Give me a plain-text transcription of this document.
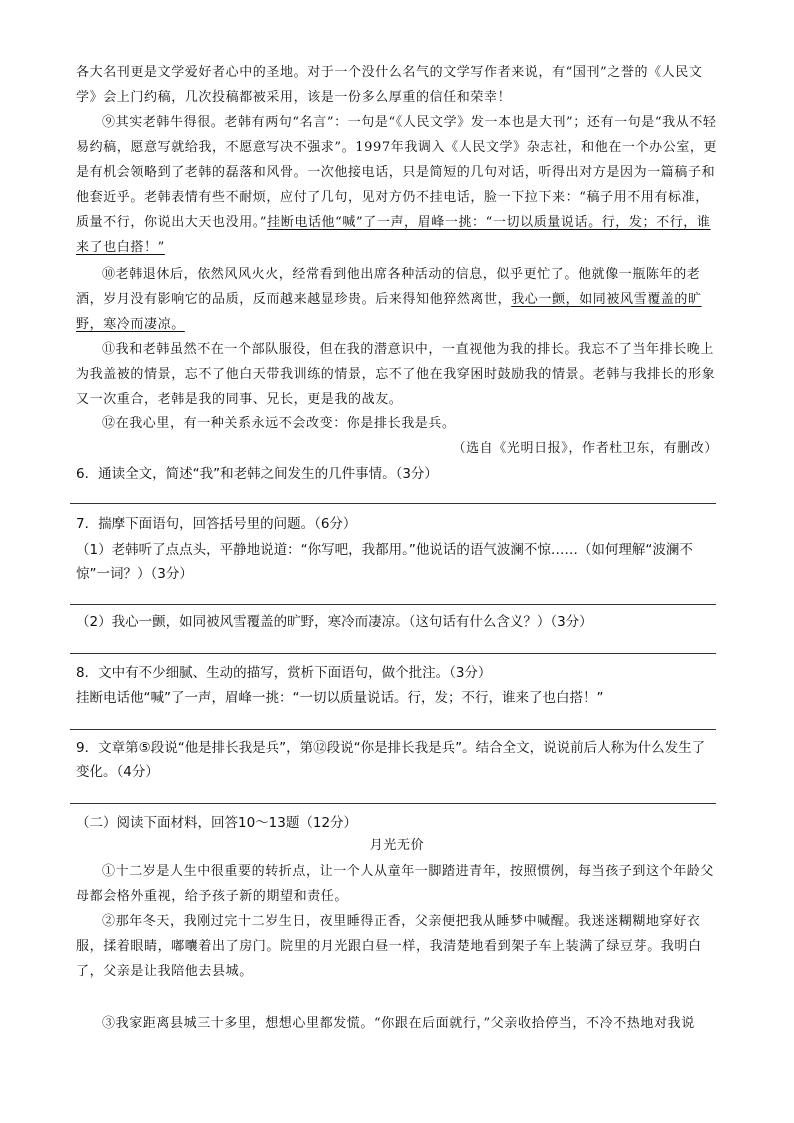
各大名刊更是文学爱好者心中的圣地。对于一个没什么名气的文学写作者来说，有“国刊”之誉的《人民文学》会上门约稿，几次投稿都被采用，该是一份多么厚重的信任和荣幸！

⑨其实老韩牛得很。老韩有两句“名言”：一句是“《人民文学》发一本也是大刊”；还有一句是“我从不轻易约稿，愿意写就给我，不愿意写决不强求”。1997年我调入《人民文学》杂志社，和他在一个办公室，更是有机会领略到了老韩的磊落和风骨。一次他接电话，只是简短的几句对话，听得出对方是因为一篇稿子和他套近乎。老韩表情有些不耐烦，应付了几句，见对方仍不挂电话，脸一下拉下来：“稿子用不用有标准，质量不行，你说出大天也没用。”挂断电话他“喊”了一声，眉峰一挑：“一切以质量说话。行，发；不行，谁来了也白搭！”

⑩老韩退休后，依然风风火火，经常看到他出席各种活动的信息，似乎更忙了。他就像一瓶陈年的老酒，岁月没有影响它的品质，反而越来越显珍贵。后来得知他猝然离世，我心一颤，如同被风雪覆盖的旷野，寒冷而凄凉。

⑪我和老韩虽然不在一个部队服役，但在我的潜意识中，一直视他为我的排长。我忘不了当年排长晚上为我盖被的情景，忘不了他白天带我训练的情景，忘不了他在我穿困时鼓励我的情景。老韩与我排长的形象又一次重合，老韩是我的同事、兄长，更是我的战友。

⑫在我心里，有一种关系永远不会改变：你是排长我是兵。

（选自《光明日报》，作者杜卫东，有删改）

6．通读全文，简述“我”和老韩之间发生的几件事情。（3分）

7．揣摩下面语句，回答括号里的问题。（6分）

（1）老韩听了点点头，平静地说道：“你写吧，我都用。”他说话的语气波澜不惊……（如何理解“波澜不惊”一词？）（3分）

（2）我心一颤，如同被风雪覆盖的旷野，寒冷而凄凉。（这句话有什么含义？）（3分）

8．文中有不少细腻、生动的描写，赏析下面语句，做个批注。（3分）

挂断电话他“喊”了一声，眉峰一挑：“一切以质量说话。行，发；不行，谁来了也白搭！”

9．文章第⑤段说“他是排长我是兵”，第⑫段说“你是排长我是兵”。结合全文，说说前后人称为什么发生了变化。（4分）

（二）阅读下面材料，回答10～13题（12分）

月光无价

①十二岁是人生中很重要的转折点，让一个人从童年一脚踏进青年，按照惯例，每当孩子到这个年龄父母都会格外重视，给予孩子新的期望和责任。

②那年冬天，我刚过完十二岁生日，夜里睡得正香，父亲便把我从睡梦中喊醒。我迷迷糊糊地穿好衣服，揉着眼睛，嘟囔着出了房门。院里的月光跟白昼一样，我清楚地看到架子车上装满了绿豆芽。我明白了，父亲是让我陪他去县城。

③我家距离县城三十多里，想想心里都发慌。“你跟在后面就行，”父亲收拾停当，不冷不热地对我说
